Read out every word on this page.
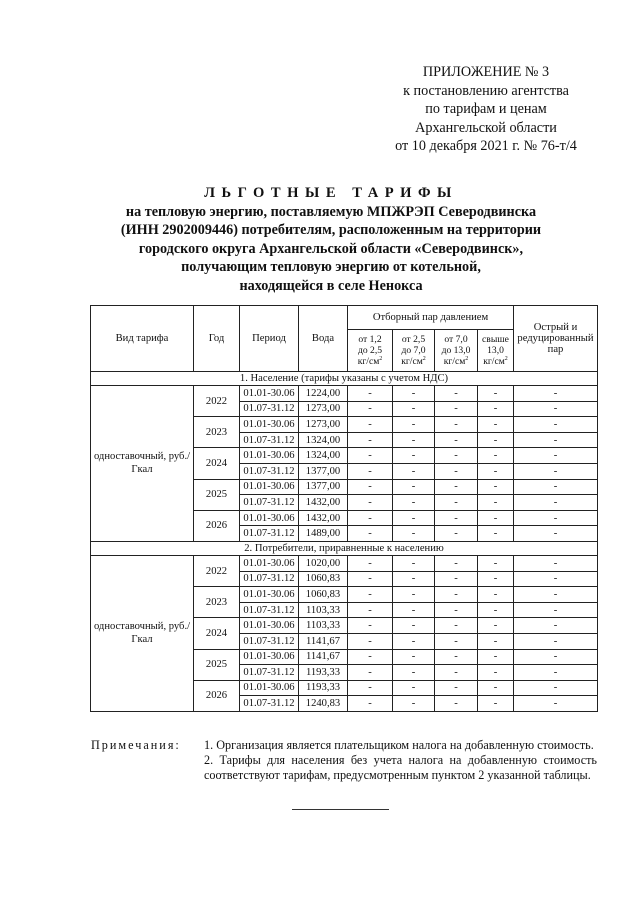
ПРИЛОЖЕНИЕ № 3
к постановлению агентства
по тарифам и ценам
Архангельской области
от 10 декабря 2021 г. № 76-т/4
ЛЬГОТНЫЕ ТАРИФЫ
на тепловую энергию, поставляемую МПЖРЭП Северодвинска
(ИНН 2902009446) потребителям, расположенным на территории
городского округа Архангельской области «Северодвинск»,
получающим тепловую энергию от котельной,
находящейся в селе Ненокса
Вид тарифа	Год	Период	Вода	Отборный пар давлением				Острый и редуцированный пар
				от 1,2
до 2,5
$кг/см^2$	от 2,5
до 7,0
$кг/см^2$	от 7,0
до 13,0
$кг/см^2$	свыше
13,0
$кг/см^2$
1. Население (тарифы указаны с учетом НДС)								
одноставочный, руб./Гкал	2022	01.01-30.06	1224,00	-	-	-	-	-
		01.07-31.12	1273,00	-	-	-	-	-
	2023	01.01-30.06	1273,00	-	-	-	-	-
		01.07-31.12	1324,00	-	-	-	-	-
	2024	01.01-30.06	1324,00	-	-	-	-	-
		01.07-31.12	1377,00	-	-	-	-	-
	2025	01.01-30.06	1377,00	-	-	-	-	-
		01.07-31.12	1432,00	-	-	-	-	-
	2026	01.01-30.06	1432,00	-	-	-	-	-
		01.07-31.12	1489,00	-	-	-	-	-
2. Потребители, приравненные к населению								
одноставочный, руб./Гкал	2022	01.01-30.06	1020,00	-	-	-	-	-
		01.07-31.12	1060,83	-	-	-	-	-
	2023	01.01-30.06	1060,83	-	-	-	-	-
		01.07-31.12	1103,33	-	-	-	-	-
	2024	01.01-30.06	1103,33	-	-	-	-	-
		01.07-31.12	1141,67	-	-	-	-	-
	2025	01.01-30.06	1141,67	-	-	-	-	-
		01.07-31.12	1193,33	-	-	-	-	-
	2026	01.01-30.06	1193,33	-	-	-	-	-
		01.07-31.12	1240,83	-	-	-	-	-
Примечания: 1. Организация является плательщиком налога на добавленную стоимость.
2. Тарифы для населения без учета налога на добавленную стоимость соответствуют тарифам, предусмотренным пунктом 2 указанной таблицы.
